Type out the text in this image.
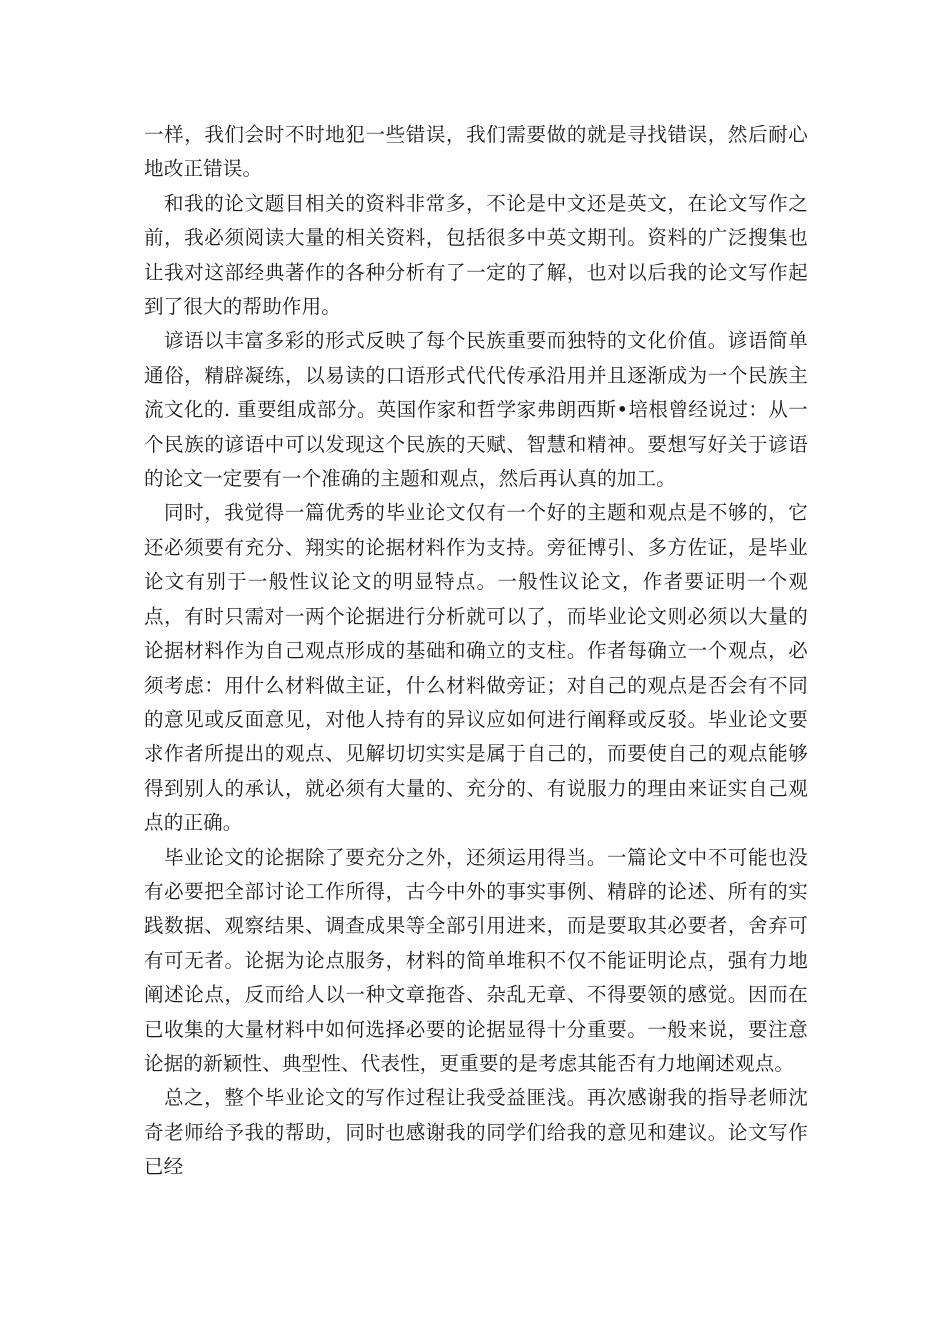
一样，我们会时不时地犯一些错误，我们需要做的就是寻找错误，然后耐心地改正错误。

和我的论文题目相关的资料非常多，不论是中文还是英文，在论文写作之前，我必须阅读大量的相关资料，包括很多中英文期刊。资料的广泛搜集也让我对这部经典著作的各种分析有了一定的了解，也对以后我的论文写作起到了很大的帮助作用。

谚语以丰富多彩的形式反映了每个民族重要而独特的文化价值。谚语简单通俗，精辟凝练，以易读的口语形式代代传承沿用并且逐渐成为一个民族主流文化的. 重要组成部分。英国作家和哲学家弗朗西斯•培根曾经说过：从一个民族的谚语中可以发现这个民族的天赋、智慧和精神。要想写好关于谚语的论文一定要有一个准确的主题和观点，然后再认真的加工。

同时，我觉得一篇优秀的毕业论文仅有一个好的主题和观点是不够的，它还必须要有充分、翔实的论据材料作为支持。旁征博引、多方佐证，是毕业论文有别于一般性议论文的明显特点。一般性议论文，作者要证明一个观点，有时只需对一两个论据进行分析就可以了，而毕业论文则必须以大量的论据材料作为自己观点形成的基础和确立的支柱。作者每确立一个观点，必须考虑：用什么材料做主证，什么材料做旁证；对自己的观点是否会有不同的意见或反面意见，对他人持有的异议应如何进行阐释或反驳。毕业论文要求作者所提出的观点、见解切切实实是属于自己的，而要使自己的观点能够得到别人的承认，就必须有大量的、充分的、有说服力的理由来证实自己观点的正确。

毕业论文的论据除了要充分之外，还须运用得当。一篇论文中不可能也没有必要把全部讨论工作所得，古今中外的事实事例、精辟的论述、所有的实践数据、观察结果、调查成果等全部引用进来，而是要取其必要者，舍弃可有可无者。论据为论点服务，材料的简单堆积不仅不能证明论点，强有力地阐述论点，反而给人以一种文章拖沓、杂乱无章、不得要领的感觉。因而在已收集的大量材料中如何选择必要的论据显得十分重要。一般来说，要注意论据的新颖性、典型性、代表性，更重要的是考虑其能否有力地阐述观点。

总之，整个毕业论文的写作过程让我受益匪浅。再次感谢我的指导老师沈奇老师给予我的帮助，同时也感谢我的同学们给我的意见和建议。论文写作已经
